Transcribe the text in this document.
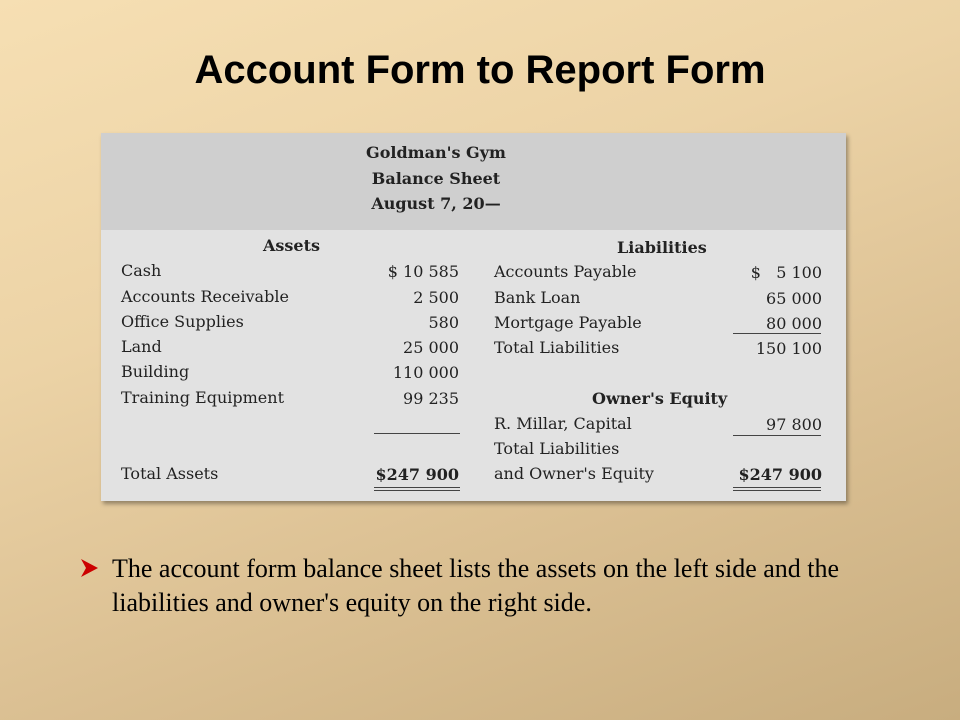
Account Form to Report Form
Goldman's Gym
Balance Sheet
August 7, 20—
Assets
Cash	$ 10 585
Accounts Receivable	2 500
Office Supplies	580
Land	25 000
Building	110 000
Training Equipment	99 235
Total Assets	$247 900
Liabilities
Accounts Payable	$   5 100
Bank Loan	65 000
Mortgage Payable	80 000
Total Liabilities	150 100
Owner's Equity
R. Millar, Capital	97 800
Total Liabilities
and Owner's Equity	$247 900
The account form balance sheet lists the assets on the left side and the liabilities and owner's equity on the right side.
